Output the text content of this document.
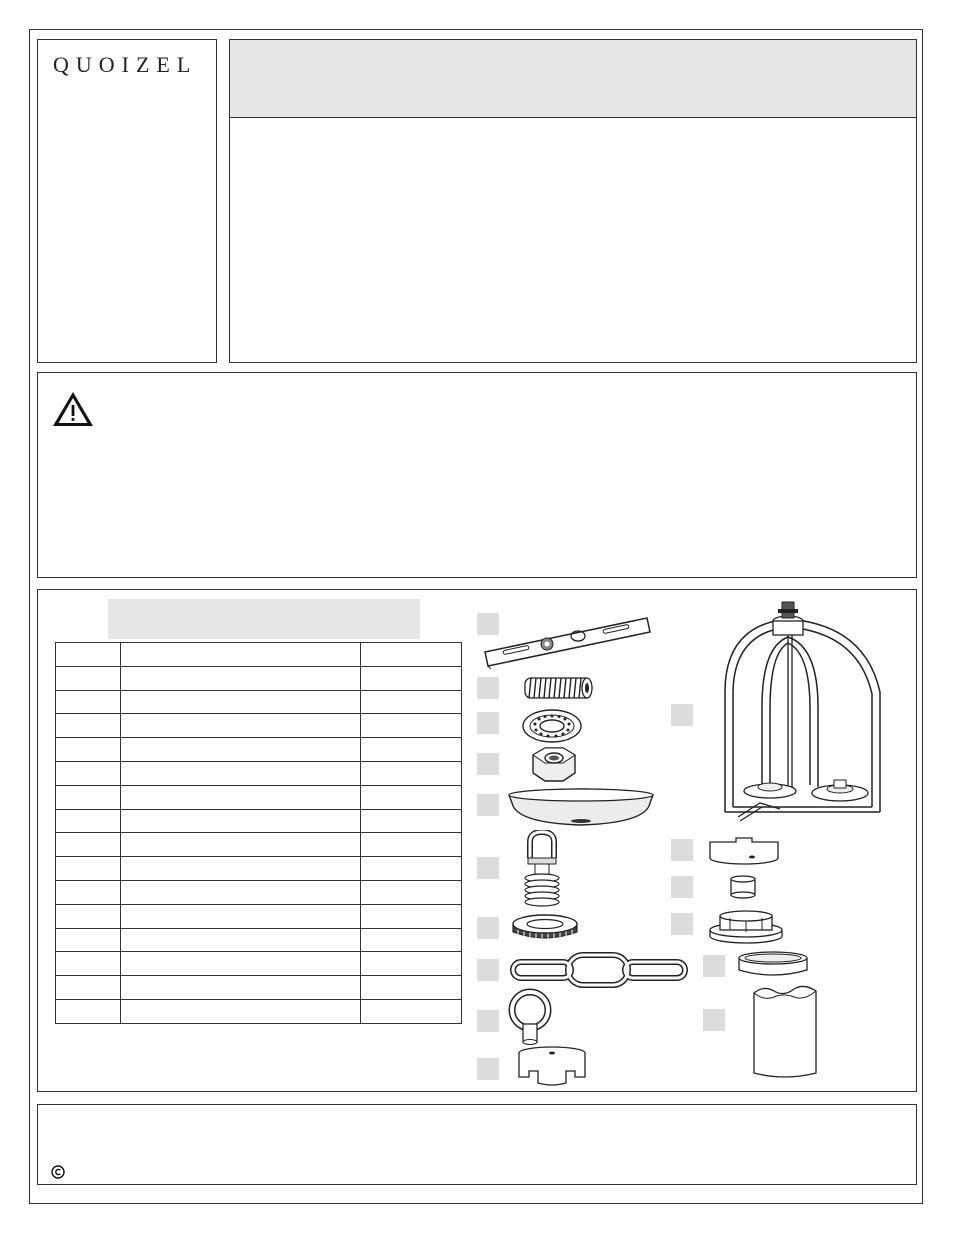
QUOIZEL
